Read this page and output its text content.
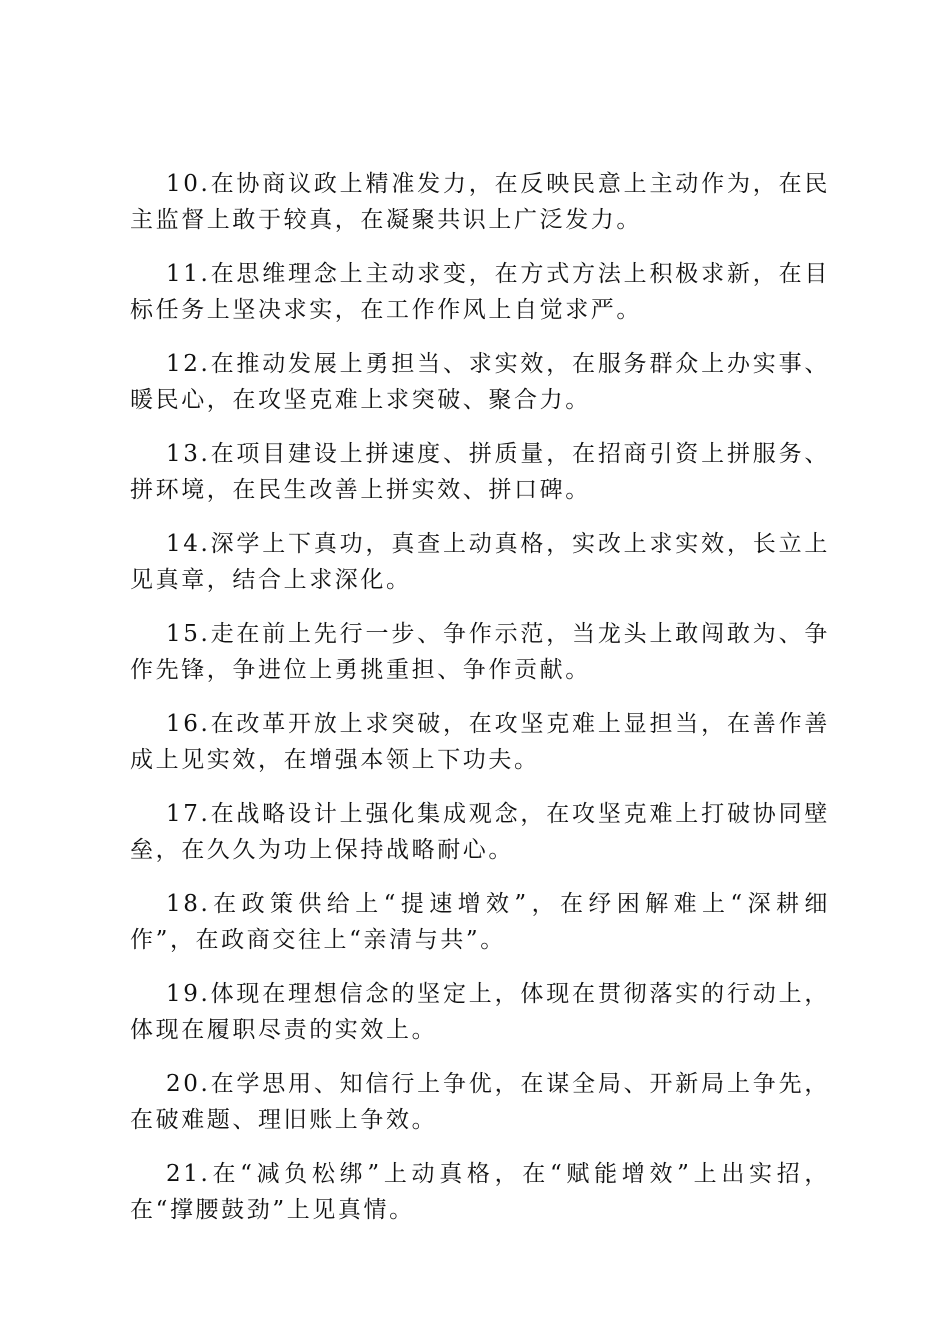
10.在协商议政上精准发力，在反映民意上主动作为，在民主监督上敢于较真，在凝聚共识上广泛发力。

11.在思维理念上主动求变，在方式方法上积极求新，在目标任务上坚决求实，在工作作风上自觉求严。

12.在推动发展上勇担当、求实效，在服务群众上办实事、暖民心，在攻坚克难上求突破、聚合力。

13.在项目建设上拼速度、拼质量，在招商引资上拼服务、拼环境，在民生改善上拼实效、拼口碑。

14.深学上下真功，真查上动真格，实改上求实效，长立上见真章，结合上求深化。

15.走在前上先行一步、争作示范，当龙头上敢闯敢为、争作先锋，争进位上勇挑重担、争作贡献。

16.在改革开放上求突破，在攻坚克难上显担当，在善作善成上见实效，在增强本领上下功夫。

17.在战略设计上强化集成观念，在攻坚克难上打破协同壁垒，在久久为功上保持战略耐心。

18.在政策供给上“提速增效”，在纾困解难上“深耕细作”，在政商交往上“亲清与共”。

19.体现在理想信念的坚定上，体现在贯彻落实的行动上，体现在履职尽责的实效上。

20.在学思用、知信行上争优，在谋全局、开新局上争先，在破难题、理旧账上争效。

21.在“减负松绑”上动真格，在“赋能增效”上出实招，在“撑腰鼓劲”上见真情。
